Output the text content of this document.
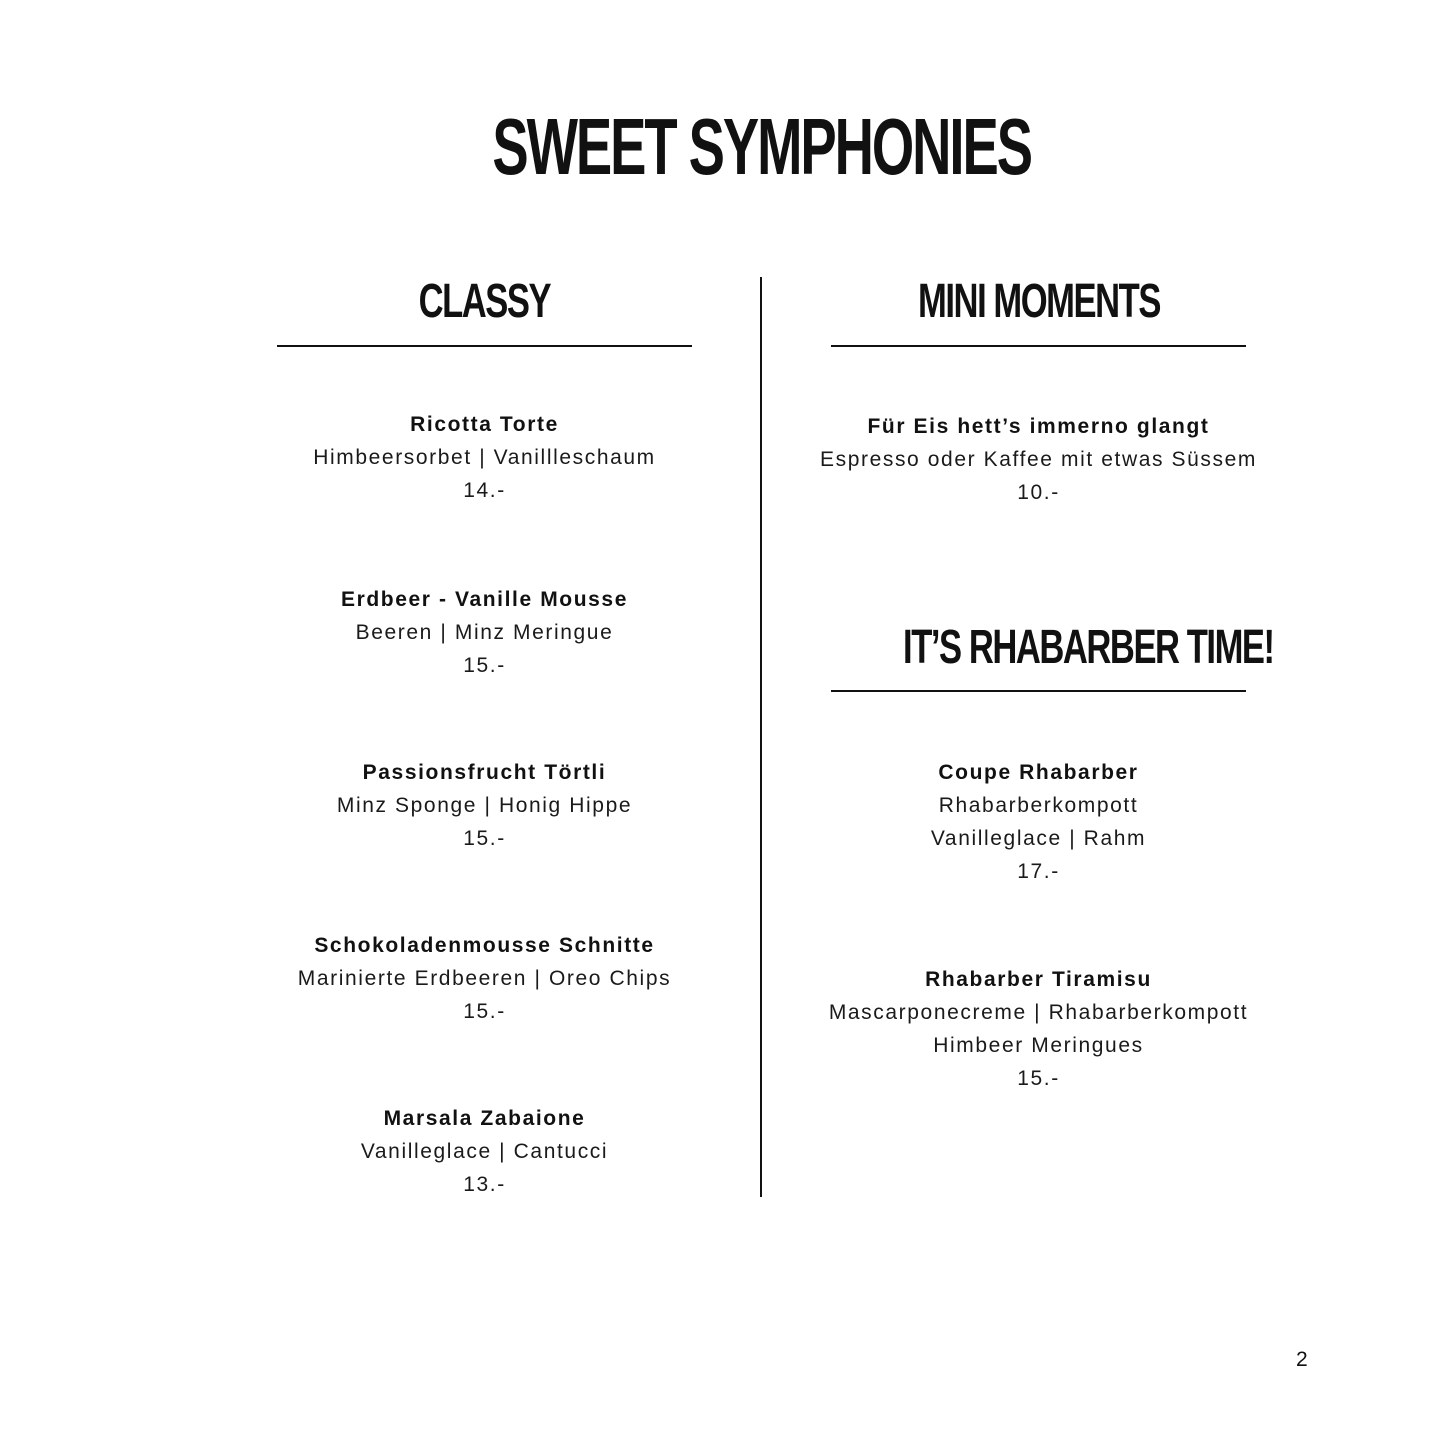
SWEET SYMPHONIES
CLASSY
Ricotta Torte
Himbeersorbet | Vanillleschaum
14.-
Erdbeer - Vanille Mousse
Beeren | Minz Meringue
15.-
Passionsfrucht Törtli
Minz Sponge | Honig Hippe
15.-
Schokoladenmousse Schnitte
Marinierte Erdbeeren | Oreo Chips
15.-
Marsala Zabaione
Vanilleglace | Cantucci
13.-
MINI MOMENTS
Für Eis hett’s immerno glangt
Espresso oder Kaffee mit etwas Süssem
10.-
IT’S RHABARBER TIME!
Coupe Rhabarber
Rhabarberkompott
Vanilleglace | Rahm
17.-
Rhabarber Tiramisu
Mascarponecreme | Rhabarberkompott
Himbeer Meringues
15.-
2
